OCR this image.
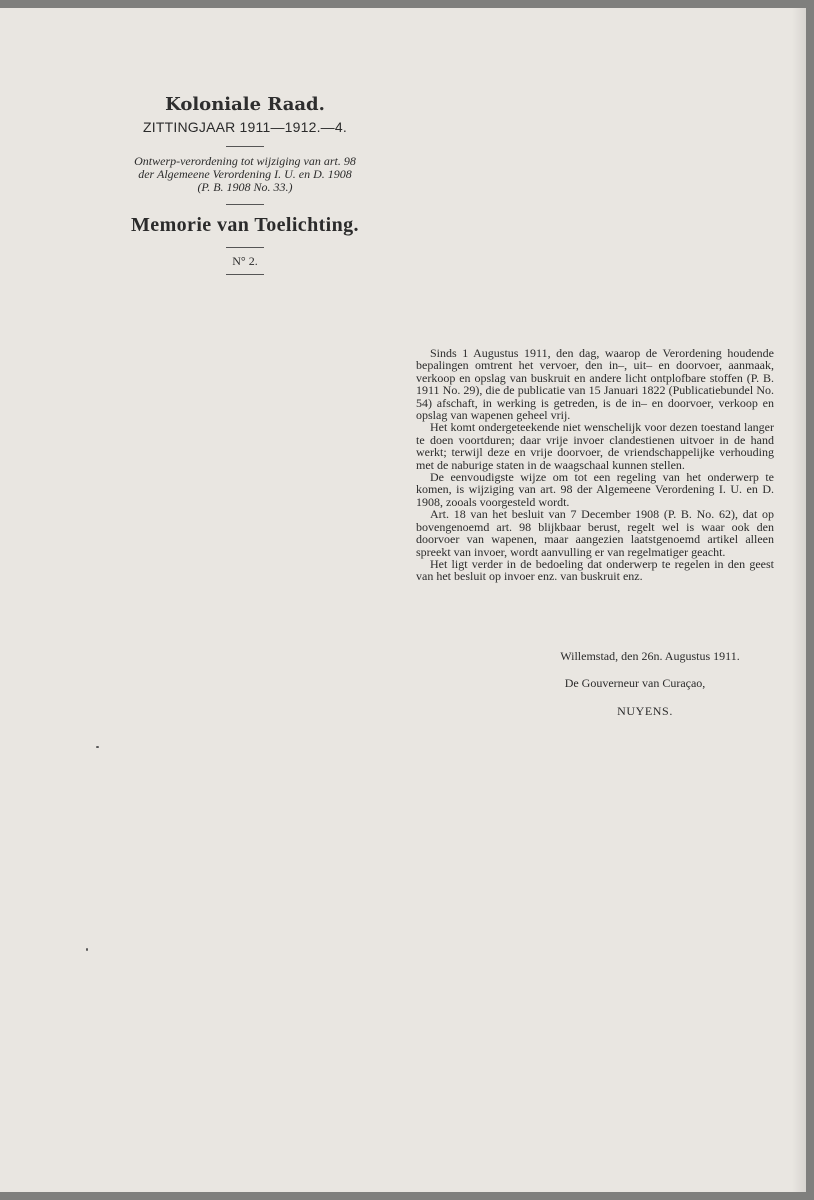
Koloniale Raad.

ZITTINGJAAR 1911—1912.—4.

Ontwerp-verordening tot wijziging van art. 98

der Algemeene Verordening I. U. en D. 1908

(P. B. 1908 No. 33.)

Memorie van Toelichting.

N° 2.

Sinds 1 Augustus 1911, den dag, waarop de Verordening houdende bepalingen omtrent het vervoer, den in–, uit– en doorvoer, aanmaak, verkoop en opslag van buskruit en andere licht ontplofbare stoffen (P. B. 1911 No. 29), die de publicatie van 15 Januari 1822 (Publicatiebundel No. 54) afschaft, in werking is getreden, is de in– en doorvoer, verkoop en opslag van wapenen geheel vrij.

Het komt ondergeteekende niet wenschelijk voor dezen toestand langer te doen voortduren; daar vrije invoer clandestienen uitvoer in de hand werkt; terwijl deze en vrije doorvoer, de vriendschappelijke verhouding met de naburige staten in de waagschaal kunnen stellen.

De eenvoudigste wijze om tot een regeling van het onderwerp te komen, is wijziging van art. 98 der Algemeene Verordening I. U. en D. 1908, zooals voorgesteld wordt.

Art. 18 van het besluit van 7 December 1908 (P. B. No. 62), dat op bovengenoemd art. 98 blijkbaar berust, regelt wel is waar ook den doorvoer van wapenen, maar aangezien laatstgenoemd artikel alleen spreekt van invoer, wordt aanvulling er van regelmatiger geacht.

Het ligt verder in de bedoeling dat onderwerp te regelen in den geest van het besluit op invoer enz. van buskruit enz.

Willemstad, den 26n. Augustus 1911.
De Gouverneur van Curaçao,
NUYENS.
